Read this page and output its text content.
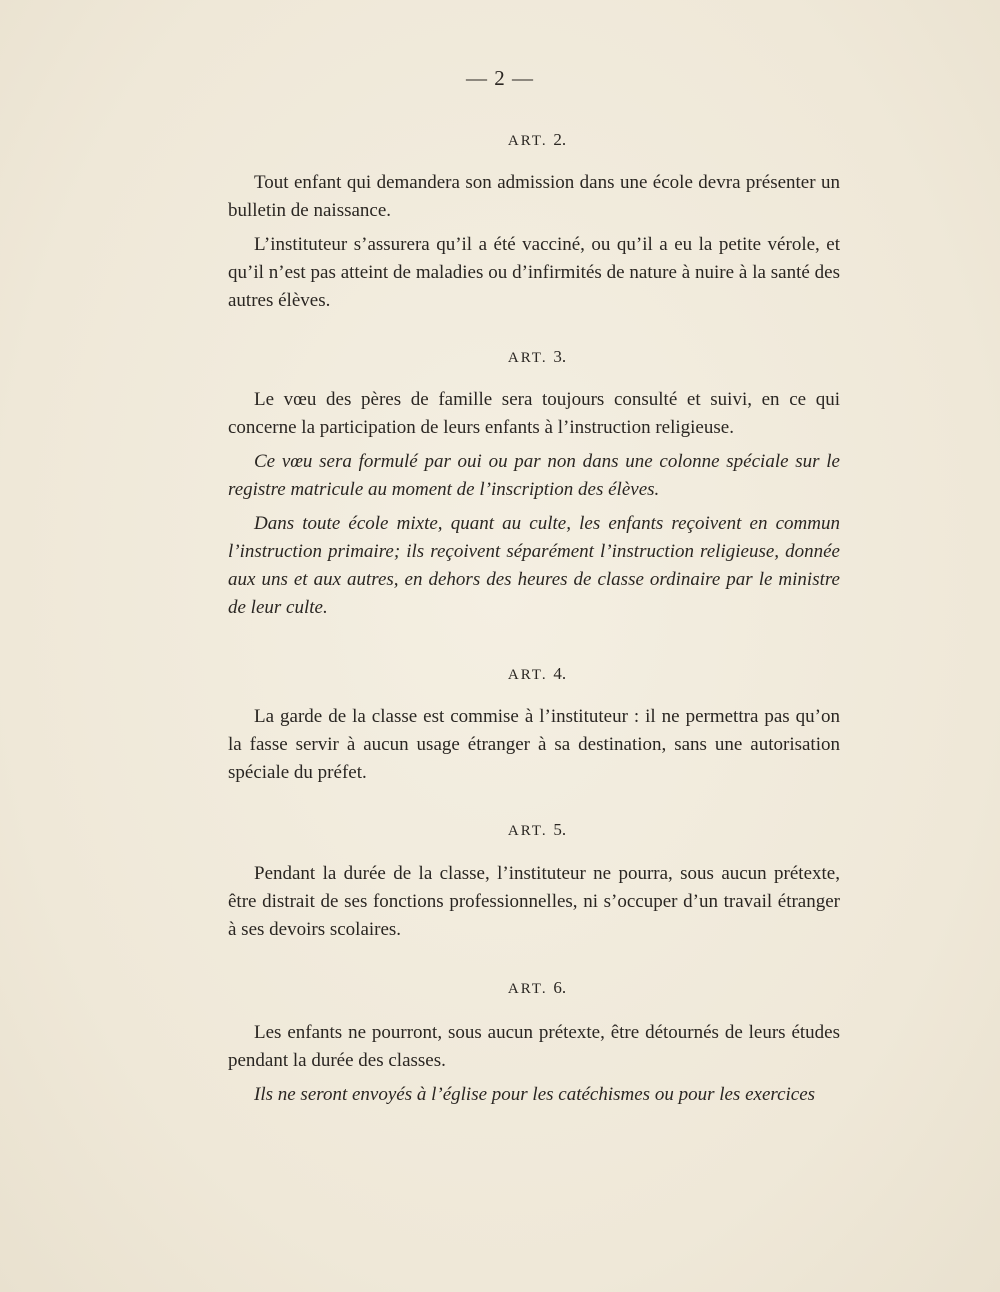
— 2 —
ART. 2.

Tout enfant qui demandera son admission dans une école devra présenter un bulletin de naissance.

L’instituteur s’assurera qu’il a été vacciné, ou qu’il a eu la petite vérole, et qu’il n’est pas atteint de maladies ou d’infirmités de nature à nuire à la santé des autres élèves.

ART. 3.

Le vœu des pères de famille sera toujours consulté et suivi, en ce qui concerne la participation de leurs enfants à l’instruction religieuse.

Ce vœu sera formulé par oui ou par non dans une colonne spéciale sur le registre matricule au moment de l’inscription des élèves.

Dans toute école mixte, quant au culte, les enfants reçoivent en commun l’instruction primaire; ils reçoivent séparément l’instruction religieuse, donnée aux uns et aux autres, en dehors des heures de classe ordinaire par le ministre de leur culte.

ART. 4.

La garde de la classe est commise à l’instituteur : il ne permettra pas qu’on la fasse servir à aucun usage étranger à sa destination, sans une autorisation spéciale du préfet.

ART. 5.

Pendant la durée de la classe, l’instituteur ne pourra, sous aucun prétexte, être distrait de ses fonctions professionnelles, ni s’occuper d’un travail étranger à ses devoirs scolaires.

ART. 6.

Les enfants ne pourront, sous aucun prétexte, être détournés de leurs études pendant la durée des classes.

Ils ne seront envoyés à l’église pour les catéchismes ou pour les exercices
